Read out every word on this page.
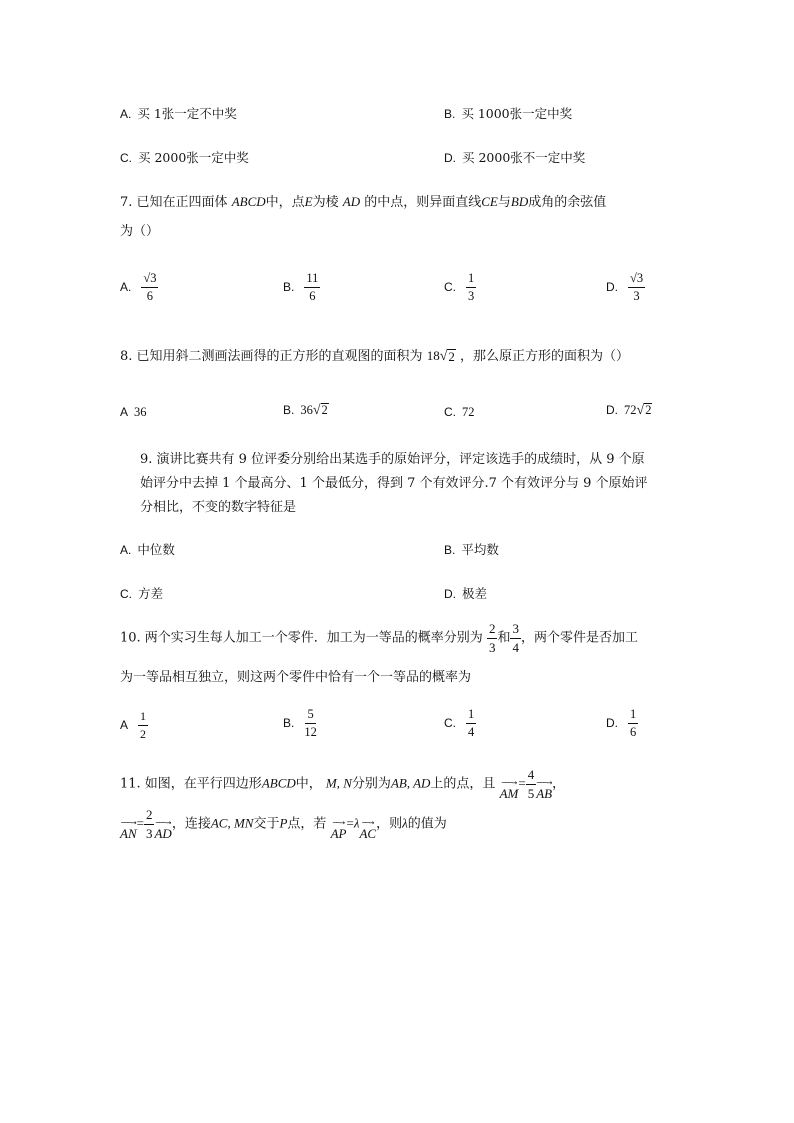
A. 买 1张一定不中奖	B. 买 1000张一定中奖
C. 买 2000张一定中奖	D. 买 2000张不一定中奖
7. 已知在正四面体 ABCD中，点E为棱 AD 的中点，则异面直线CE与BD成角的余弦值
为（）
A. $\frac{√3}{6}$	B. $\frac{11}{6}$	C. $\frac{1}{3}$	D. $\frac{√3}{3}$
8. 已知用斜二测画法画得的正方形的直观图的面积为 18 √ 2 ，那么原正方形的面积为（）
A 36	B. 36 √ 2	C. 72	D. 72 √ 2
9. 演讲比赛共有 9 位评委分别给出某选手的原始评分，评定该选手的成绩时，从 9 个原
始评分中去掉 1 个最高分、1 个最低分，得到 7 个有效评分.7 个有效评分与 9 个原始评
分相比，不变的数字特征是
A. 中位数	B. 平均数
C. 方差	D. 极差
10. 两个实习生每人加工一个零件．加工为一等品的概率分别为 $\frac{2}{3}$ 和 $\frac{3}{4}$ ，两个零件是否加工
为一等品相互独立，则这两个零件中恰有一个一等品的概率为
A $\frac{1}{2}$	B. $\frac{5}{12}$	C. $\frac{1}{4}$	D. $\frac{1}{6}$
11. 如图，在平行四边形ABCD中， M, N分别为AB, AD上的点，且 ───→
AM
= $\frac{4}{5}$ ───→
AB
，
───→
AN
= $\frac{2}{3}$ ───→
AD
，连接AC, MN交于P点，若 ──→
AP
=λ ──→
AC
，则λ的值为
